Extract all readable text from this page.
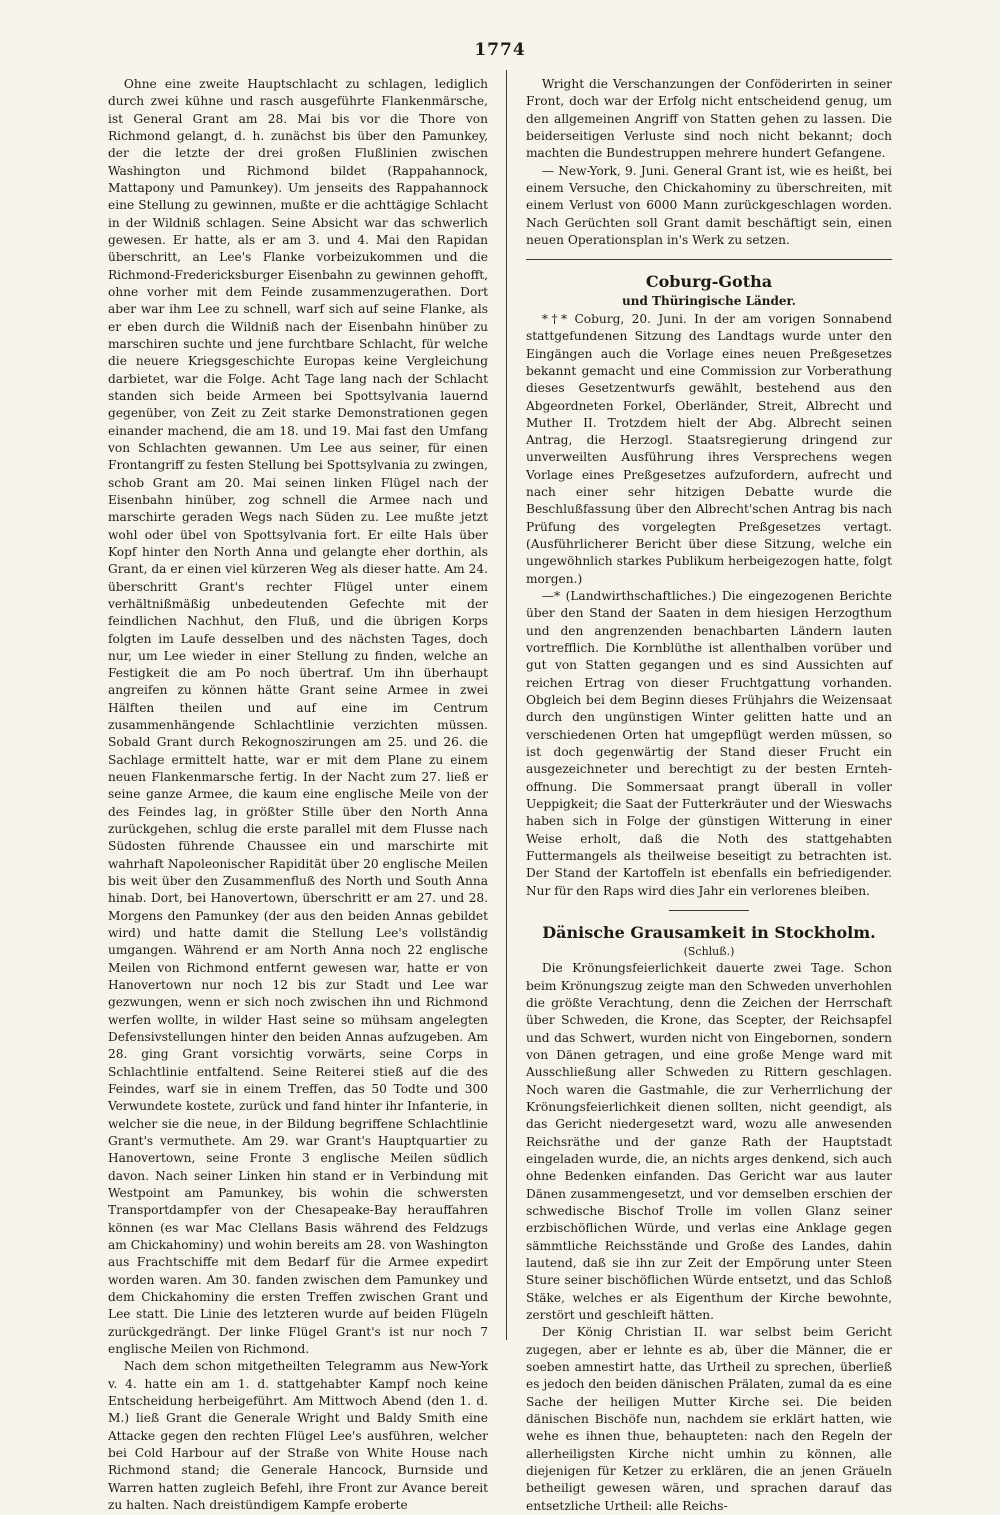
1774

Ohne eine zweite Hauptschlacht zu schlagen, lediglich durch zwei kühne und rasch ausgeführte Flankenmärsche, ist General Grant am 28. Mai bis vor die Thore von Richmond gelangt, d. h. zunächst bis über den Pamunkey, der die letzte der drei großen Flußlinien zwischen Washington und Richmond bildet (Rappahannock, Mattapony und Pamunkey). Um jenseits des Rappahannock eine Stellung zu gewinnen, mußte er die achttägige Schlacht in der Wildniß schlagen. Seine Absicht war das schwerlich gewesen. Er hatte, als er am 3. und 4. Mai den Rapidan überschritt, an Lee's Flanke vorbeizukommen und die Richmond-Fredericksburger Eisenbahn zu gewinnen gehofft, ohne vorher mit dem Feinde zusammenzugerathen. Dort aber war ihm Lee zu schnell, warf sich auf seine Flanke, als er eben durch die Wildniß nach der Eisenbahn hinüber zu marschiren suchte und jene furchtbare Schlacht, für welche die neuere Kriegsgeschichte Europas keine Vergleichung darbietet, war die Folge. Acht Tage lang nach der Schlacht standen sich beide Armeen bei Spottsylvania lauernd gegenüber, von Zeit zu Zeit starke Demonstrationen gegen einander machend, die am 18. und 19. Mai fast den Umfang von Schlachten gewannen. Um Lee aus seiner, für einen Frontangriff zu festen Stellung bei Spottsylvania zu zwingen, schob Grant am 20. Mai seinen linken Flügel nach der Eisenbahn hinüber, zog schnell die Armee nach und marschirte geraden Wegs nach Süden zu. Lee mußte jetzt wohl oder übel von Spottsylvania fort. Er eilte Hals über Kopf hinter den North Anna und gelangte eher dorthin, als Grant, da er einen viel kürzeren Weg als dieser hatte. Am 24. überschritt Grant's rechter Flügel unter einem verhältnißmäßig unbedeutenden Gefechte mit der feindlichen Nachhut, den Fluß, und die übrigen Korps folgten im Laufe desselben und des nächsten Tages, doch nur, um Lee wieder in einer Stellung zu finden, welche an Festigkeit die am Po noch übertraf. Um ihn überhaupt angreifen zu können hätte Grant seine Armee in zwei Hälften theilen und auf eine im Centrum zusammenhängende Schlachtlinie verzichten müssen. Sobald Grant durch Rekognoszirungen am 25. und 26. die Sachlage ermittelt hatte, war er mit dem Plane zu einem neuen Flankenmarsche fertig. In der Nacht zum 27. ließ er seine ganze Armee, die kaum eine englische Meile von der des Feindes lag, in größter Stille über den North Anna zurückgehen, schlug die erste parallel mit dem Flusse nach Südosten führende Chaussee ein und marschirte mit wahrhaft Napoleonischer Rapidität über 20 englische Meilen bis weit über den Zusammenfluß des North und South Anna hinab. Dort, bei Hanovertown, überschritt er am 27. und 28. Morgens den Pamunkey (der aus den beiden Annas gebildet wird) und hatte damit die Stellung Lee's vollständig umgangen. Während er am North Anna noch 22 englische Meilen von Richmond entfernt gewesen war, hatte er von Hanovertown nur noch 12 bis zur Stadt und Lee war gezwungen, wenn er sich noch zwischen ihn und Richmond werfen wollte, in wilder Hast seine so mühsam angelegten Defensivstellungen hinter den beiden Annas aufzugeben. Am 28. ging Grant vorsichtig vorwärts, seine Corps in Schlachtlinie entfaltend. Seine Reiterei stieß auf die des Feindes, warf sie in einem Treffen, das 50 Todte und 300 Verwundete kostete, zurück und fand hinter ihr Infanterie, in welcher sie die neue, in der Bildung begriffene Schlachtlinie Grant's vermuthete. Am 29. war Grant's Hauptquartier zu Hanovertown, seine Fronte 3 englische Meilen südlich davon. Nach seiner Linken hin stand er in Verbindung mit Westpoint am Pamunkey, bis wohin die schwersten Transportdampfer von der Chesapeake-Bay herauffahren können (es war Mac Clellans Basis während des Feldzugs am Chickahominy) und wohin bereits am 28. von Washington aus Frachtschiffe mit dem Bedarf für die Armee expedirt worden waren. Am 30. fanden zwischen dem Pamunkey und dem Chickahominy die ersten Treffen zwischen Grant und Lee statt. Die Linie des letzteren wurde auf beiden Flügeln zurückgedrängt. Der linke Flügel Grant's ist nur noch 7 englische Meilen von Richmond.

Nach dem schon mitgetheilten Telegramm aus New-York v. 4. hatte ein am 1. d. stattgehabter Kampf noch keine Entscheidung herbeigeführt. Am Mittwoch Abend (den 1. d. M.) ließ Grant die Generale Wright und Baldy Smith eine Attacke gegen den rechten Flügel Lee's ausführen, welcher bei Cold Harbour auf der Straße von White House nach Richmond stand; die Generale Hancock, Burnside und Warren hatten zugleich Befehl, ihre Front zur Avance bereit zu halten. Nach dreistündigem Kampfe eroberte

Wright die Verschanzungen der Conföderirten in seiner Front, doch war der Erfolg nicht entscheidend genug, um den allgemeinen Angriff von Statten gehen zu lassen. Die beiderseitigen Verluste sind noch nicht bekannt; doch machten die Bundestruppen mehrere hundert Gefangene.

— New-York, 9. Juni. General Grant ist, wie es heißt, bei einem Versuche, den Chickahominy zu überschreiten, mit einem Verlust von 6000 Mann zurückgeschlagen worden. Nach Gerüchten soll Grant damit beschäftigt sein, einen neuen Operationsplan in's Werk zu setzen.

Coburg-Gotha
und Thüringische Länder.

*†* Coburg, 20. Juni. In der am vorigen Sonnabend stattgefundenen Sitzung des Landtags wurde unter den Eingängen auch die Vorlage eines neuen Preßgesetzes bekannt gemacht und eine Commission zur Vorberathung dieses Gesetzentwurfs gewählt, bestehend aus den Abgeordneten Forkel, Oberländer, Streit, Albrecht und Muther II. Trotzdem hielt der Abg. Albrecht seinen Antrag, die Herzogl. Staatsregierung dringend zur unverweilten Ausführung ihres Versprechens wegen Vorlage eines Preßgesetzes aufzufordern, aufrecht und nach einer sehr hitzigen Debatte wurde die Beschlußfassung über den Albrecht'schen Antrag bis nach Prüfung des vorgelegten Preßgesetzes vertagt. (Ausführlicherer Bericht über diese Sitzung, welche ein ungewöhnlich starkes Publikum herbeigezogen hatte, folgt morgen.)

—* (Landwirthschaftliches.) Die eingezogenen Berichte über den Stand der Saaten in dem hiesigen Herzogthum und den angrenzenden benachbarten Ländern lauten vortrefflich. Die Kornblüthe ist allenthalben vorüber und gut von Statten gegangen und es sind Aussichten auf reichen Ertrag von dieser Fruchtgattung vorhanden. Obgleich bei dem Beginn dieses Frühjahrs die Weizensaat durch den ungünstigen Winter gelitten hatte und an verschiedenen Orten hat umgepflügt werden müssen, so ist doch gegenwärtig der Stand dieser Frucht ein ausgezeichneter und berechtigt zu der besten Erntehoffnung. Die Sommersaat prangt überall in voller Ueppigkeit; die Saat der Futterkräuter und der Wieswachs haben sich in Folge der günstigen Witterung in einer Weise erholt, daß die Noth des stattgehabten Futtermangels als theilweise beseitigt zu betrachten ist. Der Stand der Kartoffeln ist ebenfalls ein befriedigender. Nur für den Raps wird dies Jahr ein verlorenes bleiben.

Dänische Grausamkeit in Stockholm.
(Schluß.)

Die Krönungsfeierlichkeit dauerte zwei Tage. Schon beim Krönungszug zeigte man den Schweden unverhohlen die größte Verachtung, denn die Zeichen der Herrschaft über Schweden, die Krone, das Scepter, der Reichsapfel und das Schwert, wurden nicht von Eingebornen, sondern von Dänen getragen, und eine große Menge ward mit Ausschließung aller Schweden zu Rittern geschlagen. Noch waren die Gastmahle, die zur Verherrlichung der Krönungsfeierlichkeit dienen sollten, nicht geendigt, als das Gericht niedergesetzt ward, wozu alle anwesenden Reichsräthe und der ganze Rath der Hauptstadt eingeladen wurde, die, an nichts arges denkend, sich auch ohne Bedenken einfanden. Das Gericht war aus lauter Dänen zusammengesetzt, und vor demselben erschien der schwedische Bischof Trolle im vollen Glanz seiner erzbischöflichen Würde, und verlas eine Anklage gegen sämmtliche Reichsstände und Große des Landes, dahin lautend, daß sie ihn zur Zeit der Empörung unter Steen Sture seiner bischöflichen Würde entsetzt, und das Schloß Stäke, welches er als Eigenthum der Kirche bewohnte, zerstört und geschleift hätten.

Der König Christian II. war selbst beim Gericht zugegen, aber er lehnte es ab, über die Männer, die er soeben amnestirt hatte, das Urtheil zu sprechen, überließ es jedoch den beiden dänischen Prälaten, zumal da es eine Sache der heiligen Mutter Kirche sei. Die beiden dänischen Bischöfe nun, nachdem sie erklärt hatten, wie wehe es ihnen thue, behaupteten: nach den Regeln der allerheiligsten Kirche nicht umhin zu können, alle diejenigen für Ketzer zu erklären, die an jenen Gräueln betheiligt gewesen wären, und sprachen darauf das entsetzliche Urtheil: alle Reichs-
